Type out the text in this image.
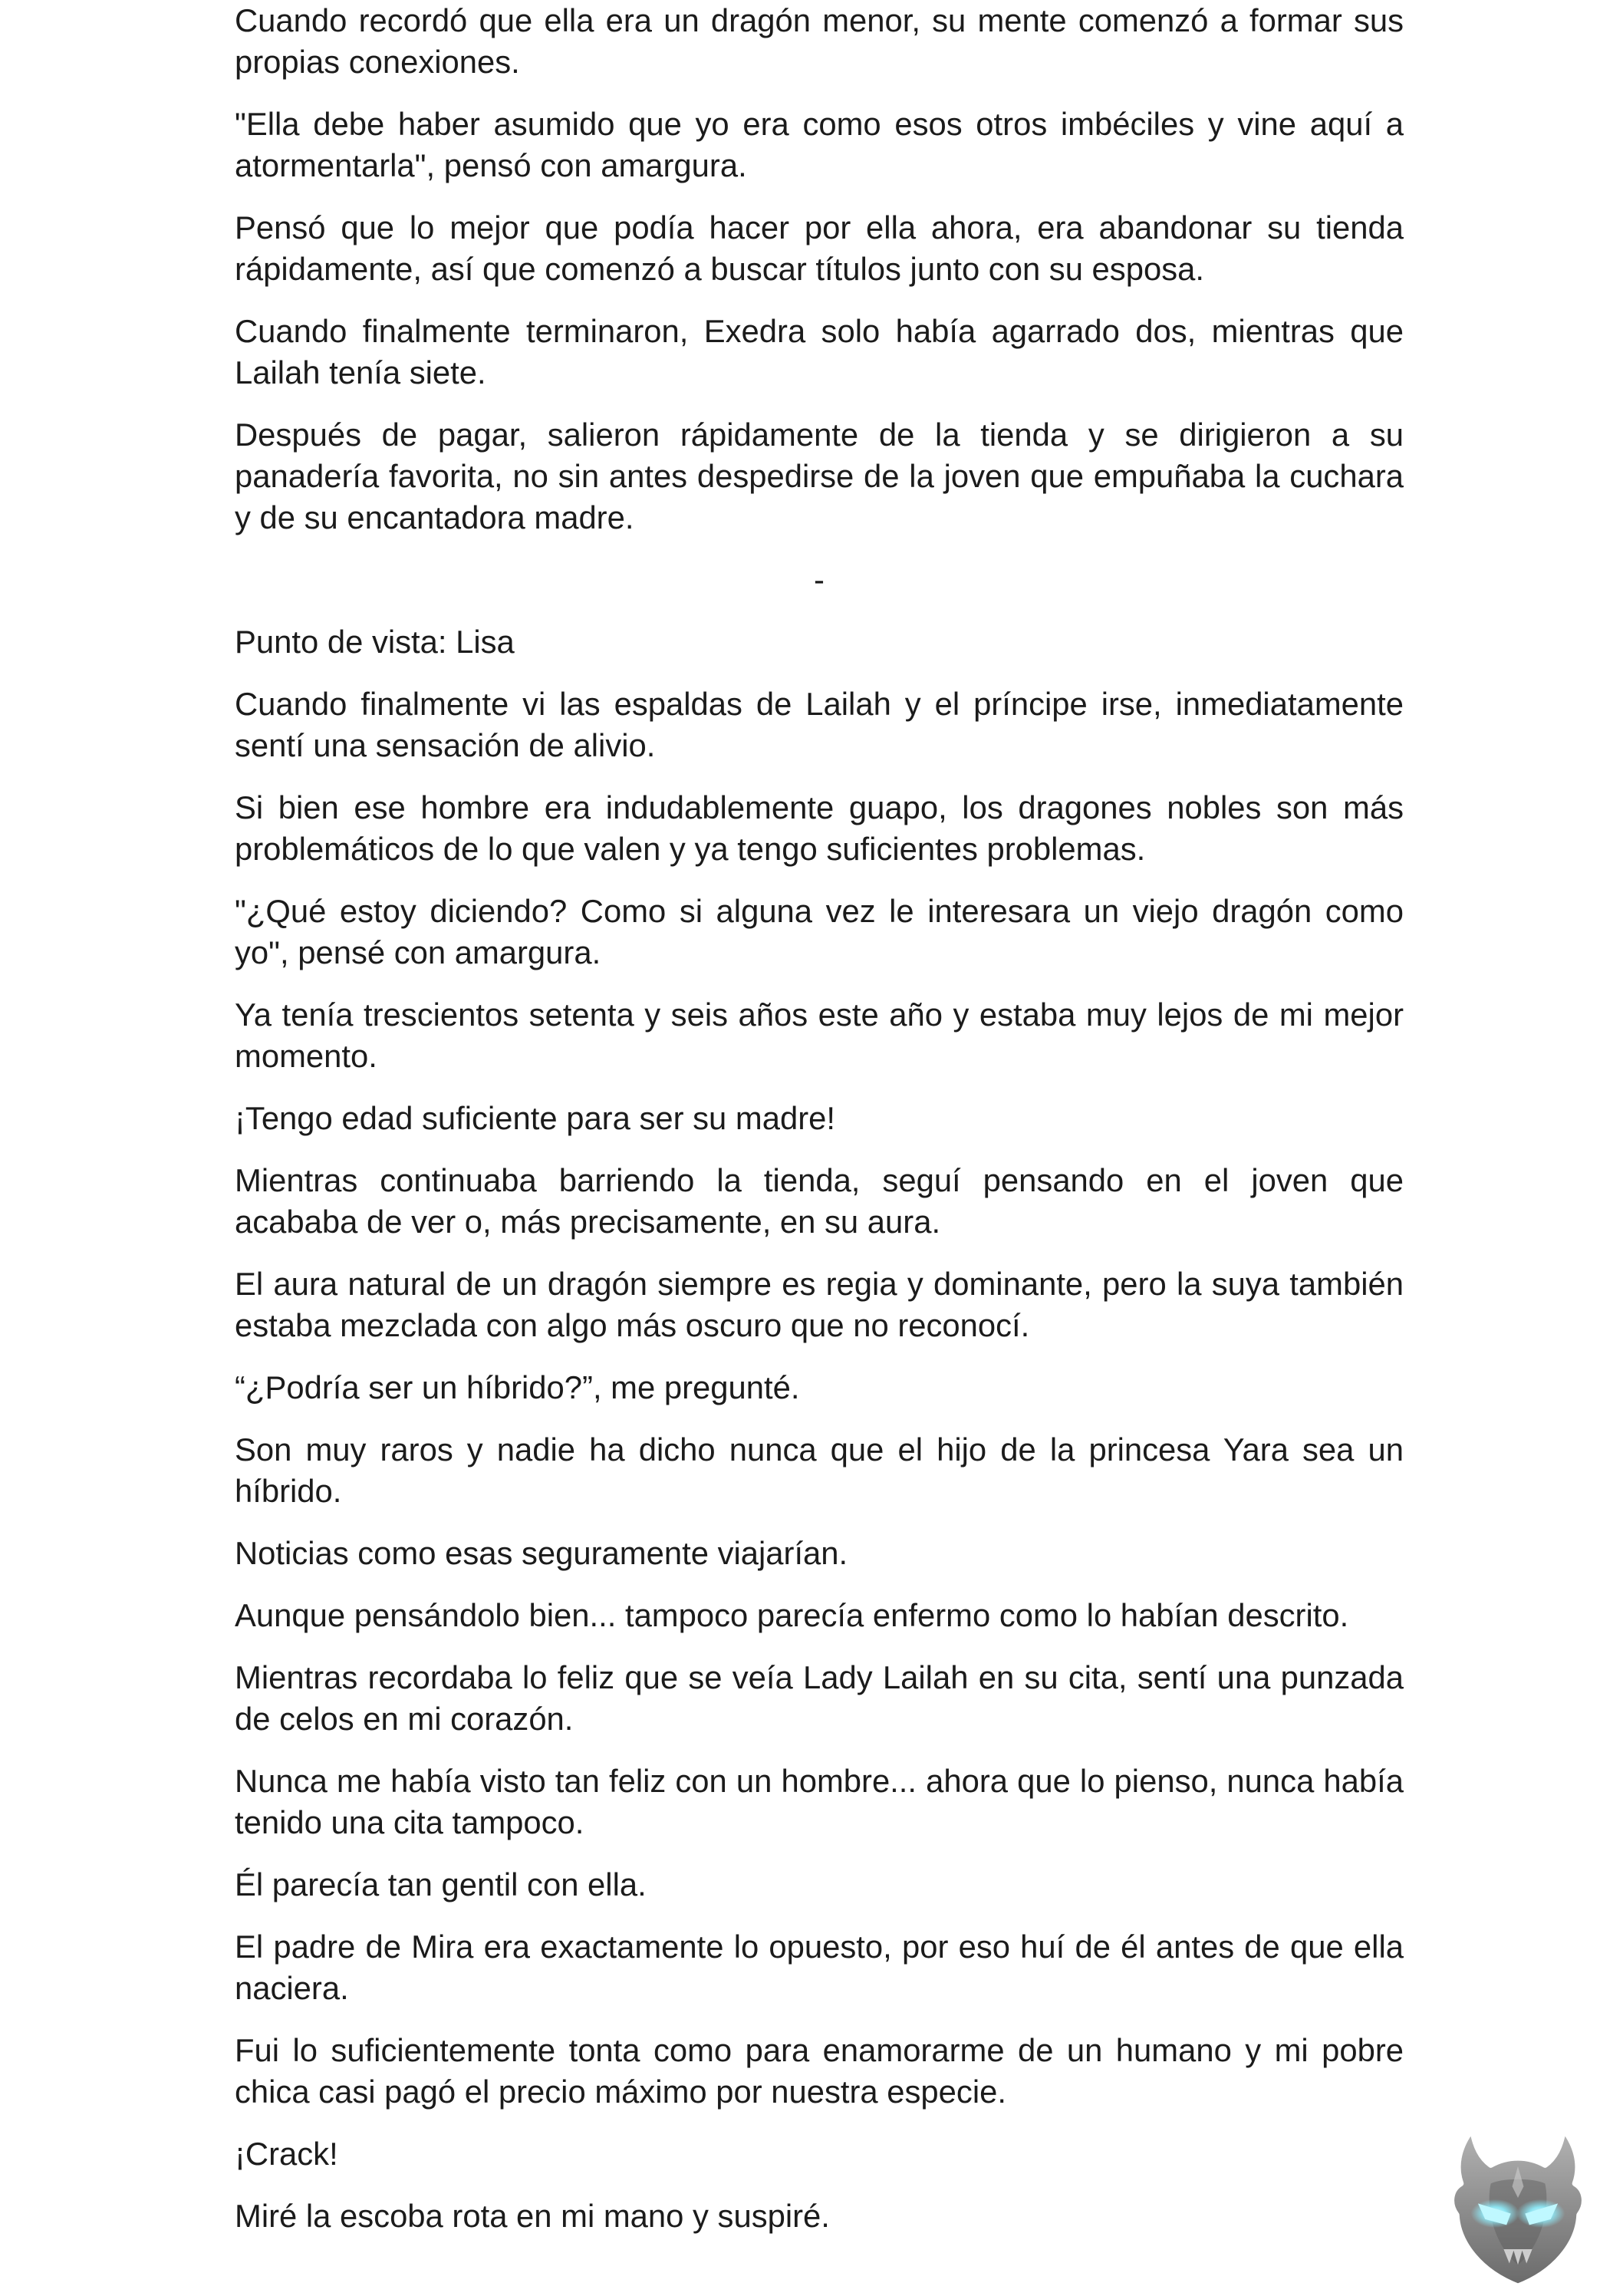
Cuando recordó que ella era un dragón menor, su mente comenzó a formar sus
propias conexiones.
"Ella debe haber asumido que yo era como esos otros imbéciles y vine aquí a
atormentarla", pensó con amargura.
Pensó que lo mejor que podía hacer por ella ahora, era abandonar su tienda
rápidamente, así que comenzó a buscar títulos junto con su esposa.
Cuando finalmente terminaron, Exedra solo había agarrado dos, mientras que
Lailah tenía siete.
Después de pagar, salieron rápidamente de la tienda y se dirigieron a su
panadería favorita, no sin antes despedirse de la joven que empuñaba la cuchara
y de su encantadora madre.
-
Punto de vista: Lisa
Cuando finalmente vi las espaldas de Lailah y el príncipe irse, inmediatamente
sentí una sensación de alivio.
Si bien ese hombre era indudablemente guapo, los dragones nobles son más
problemáticos de lo que valen y ya tengo suficientes problemas.
"¿Qué estoy diciendo? Como si alguna vez le interesara un viejo dragón como
yo", pensé con amargura.
Ya tenía trescientos setenta y seis años este año y estaba muy lejos de mi mejor
momento.
¡Tengo edad suficiente para ser su madre!
Mientras continuaba barriendo la tienda, seguí pensando en el joven que
acababa de ver o, más precisamente, en su aura.
El aura natural de un dragón siempre es regia y dominante, pero la suya también
estaba mezclada con algo más oscuro que no reconocí.
“¿Podría ser un híbrido?”, me pregunté.
Son muy raros y nadie ha dicho nunca que el hijo de la princesa Yara sea un
híbrido.
Noticias como esas seguramente viajarían.
Aunque pensándolo bien... tampoco parecía enfermo como lo habían descrito.
Mientras recordaba lo feliz que se veía Lady Lailah en su cita, sentí una punzada
de celos en mi corazón.
Nunca me había visto tan feliz con un hombre... ahora que lo pienso, nunca había
tenido una cita tampoco.
Él parecía tan gentil con ella.
El padre de Mira era exactamente lo opuesto, por eso huí de él antes de que ella
naciera.
Fui lo suficientemente tonta como para enamorarme de un humano y mi pobre
chica casi pagó el precio máximo por nuestra especie.
¡Crack!
Miré la escoba rota en mi mano y suspiré.
